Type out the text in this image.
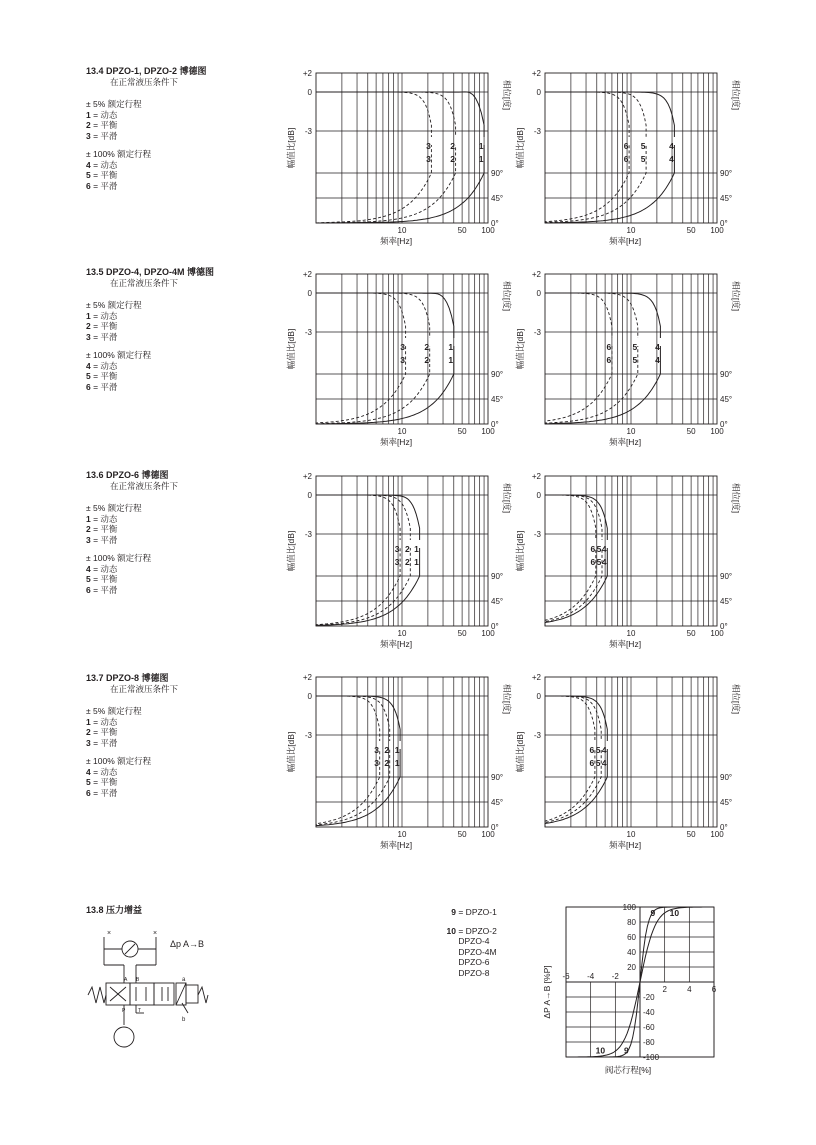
13.4 DPZO-1, DPZO-2 博德图
在正常液压条件下
± 5% 额定行程
1 = 动态
2 = 平衡
3 = 平滑
± 100% 额定行程
4 = 动态
5 = 平衡
6 = 平滑
13.5 DPZO-4, DPZO-4M 博德图
在正常液压条件下
± 5% 额定行程
1 = 动态
2 = 平衡
3 = 平滑
± 100% 额定行程
4 = 动态
5 = 平衡
6 = 平滑
13.6 DPZO-6 博德图
在正常液压条件下
± 5% 额定行程
1 = 动态
2 = 平衡
3 = 平滑
± 100% 额定行程
4 = 动态
5 = 平衡
6 = 平滑
13.7 DPZO-8 博德图
在正常液压条件下
± 5% 额定行程
1 = 动态
2 = 平衡
3 = 平滑
± 100% 额定行程
4 = 动态
5 = 平衡
6 = 平滑
+2
0
-3
90°
45°
0°
10	50 100
频率[Hz]
幅值比[dB]
相位[度]
1
1
2
2
3
3
+2
0
-3
90°
45°
0°
10	50 100
频率[Hz]
幅值比[dB]
相位[度]
4
4
5
5
6
6
+2
0
-3
90°
45°
0°
10	50 100
频率[Hz]
幅值比[dB]
相位[度]
1
1
2
2
3
3
+2
0
-3
90°
45°
0°
10	50 100
频率[Hz]
幅值比[dB]
相位[度]
4
4
5
5
6
6
+2
0
-3
90°
45°
0°
10	50 100
频率[Hz]
幅值比[dB]
相位[度]
1
1
2
2
3
3
+2
0
-3
90°
45°
0°
10	50 100
频率[Hz]
幅值比[dB]
相位[度]
4
4
5
5
6
6
+2
0
-3
90°
45°
0°
10	50 100
频率[Hz]
幅值比[dB]
相位[度]
1
1
2
2
3
3
+2
0
-3
90°
45°
0°
10	50 100
频率[Hz]
幅值比[dB]
相位[度]
4
4
5
5
6
6
13.8 压力增益
×	×
A B
P	T
a
b
Δp A→B
9 = DPZO-1
10 = DPZO-2
DPZO-4
DPZO-4M
DPZO-6
DPZO-8
100
80
60
40
20
-20
-40
-60
-80
-100
-6 -4 -2
2	4	6
阀芯行程[%]
ΔP A→B [%P]
9 10
9
10
